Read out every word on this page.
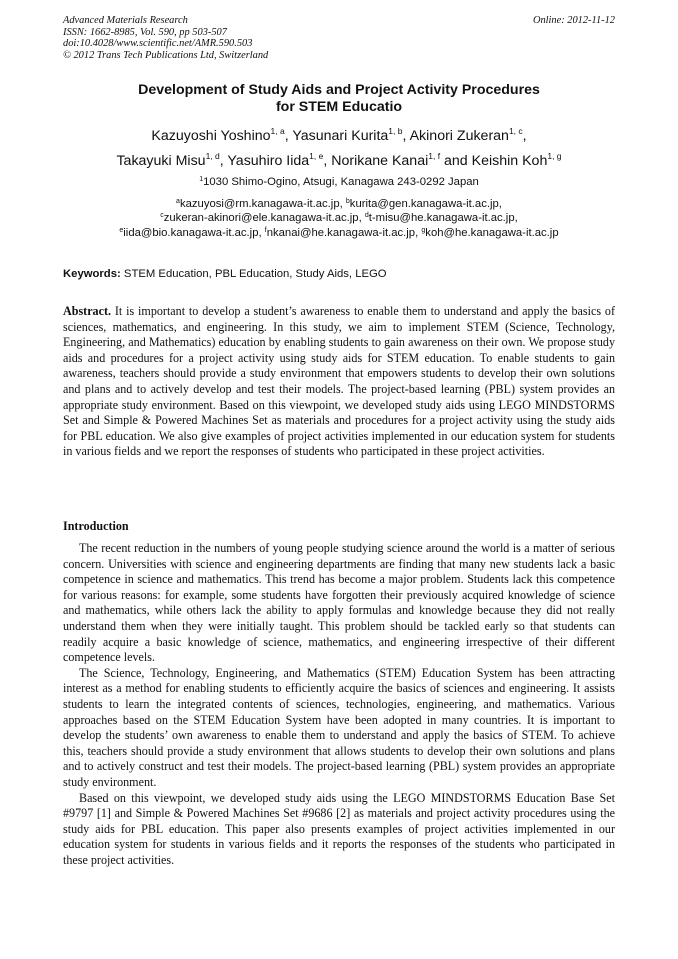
Advanced Materials Research
ISSN: 1662-8985, Vol. 590, pp 503-507
doi:10.4028/www.scientific.net/AMR.590.503
© 2012 Trans Tech Publications Ltd, Switzerland
Online: 2012-11-12
Development of Study Aids and Project Activity Procedures
for STEM Educatio
Kazuyoshi Yoshino$^{1, a}$, Yasunari Kurita$^{1, b}$, Akinori Zukeran$^{1, c}$,
Takayuki Misu$^{1, d}$, Yasuhiro Iida$^{1, e}$, Norikane Kanai$^{1, f}$ and Keishin Koh$^{1, g}$
$^1$1030 Shimo-Ogino, Atsugi, Kanagawa 243-0292 Japan
$^a$kazuyosi@rm.kanagawa-it.ac.jp, $^b$kurita@gen.kanagawa-it.ac.jp,
$^c$zukeran-akinori@ele.kanagawa-it.ac.jp, $^d$t-misu@he.kanagawa-it.ac.jp,
$^e$iida@bio.kanagawa-it.ac.jp, $^f$nkanai@he.kanagawa-it.ac.jp, $^g$koh@he.kanagawa-it.ac.jp
Keywords: STEM Education, PBL Education, Study Aids, LEGO
Abstract. It is important to develop a student’s awareness to enable them to understand and apply the basics of sciences, mathematics, and engineering. In this study, we aim to implement STEM (Science, Technology, Engineering, and Mathematics) education by enabling students to gain awareness on their own. We propose study aids and procedures for a project activity using study aids for STEM education. To enable students to gain awareness, teachers should provide a study environment that empowers students to develop their own solutions and plans and to actively develop and test their models. The project-based learning (PBL) system provides an appropriate study environment. Based on this viewpoint, we developed study aids using LEGO MINDSTORMS Set and Simple & Powered Machines Set as materials and procedures for a project activity using the study aids for PBL education. We also give examples of project activities implemented in our education system for students in various fields and we report the responses of students who participated in these project activities.
Introduction

The recent reduction in the numbers of young people studying science around the world is a matter of serious concern. Universities with science and engineering departments are finding that many new students lack a basic competence in science and mathematics. This trend has become a major problem. Students lack this competence for various reasons: for example, some students have forgotten their previously acquired knowledge of science and mathematics, while others lack the ability to apply formulas and knowledge because they did not really understand them when they were initially taught. This problem should be tackled early so that students can readily acquire a basic knowledge of science, mathematics, and engineering irrespective of their different competence levels.

The Science, Technology, Engineering, and Mathematics (STEM) Education System has been attracting interest as a method for enabling students to efficiently acquire the basics of sciences and engineering. It assists students to learn the integrated contents of sciences, technologies, engineering, and mathematics. Various approaches based on the STEM Education System have been adopted in many countries. It is important to develop the students’ own awareness to enable them to understand and apply the basics of STEM. To achieve this, teachers should provide a study environment that allows students to develop their own solutions and plans and to actively construct and test their models. The project-based learning (PBL) system provides an appropriate study environment.

Based on this viewpoint, we developed study aids using the LEGO MINDSTORMS Education Base Set #9797 [1] and Simple & Powered Machines Set #9686 [2] as materials and project activity procedures using the study aids for PBL education. This paper also presents examples of project activities implemented in our education system for students in various fields and it reports the responses of the students who participated in these project activities.
